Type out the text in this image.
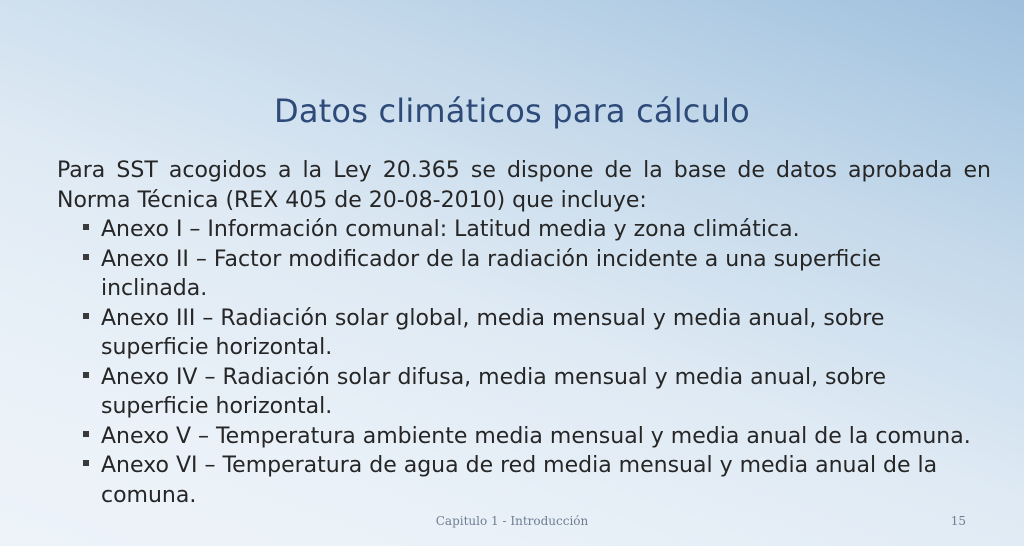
Datos climáticos para cálculo

Para SST acogidos a la Ley 20.365 se dispone de la base de datos aprobada en
Norma Técnica (REX 405 de 20-08-2010) que incluye:

Anexo I – Información comunal: Latitud media y zona climática.
Anexo II – Factor modificador de la radiación incidente a una superficie inclinada.
Anexo III – Radiación solar global, media mensual y media anual, sobre superficie horizontal.
Anexo IV – Radiación solar difusa, media mensual y media anual, sobre superficie horizontal.
Anexo V – Temperatura ambiente media mensual y media anual de la comuna.
Anexo VI – Temperatura de agua de red media mensual y media anual de la comuna.
Capitulo 1 - Introducción	15
